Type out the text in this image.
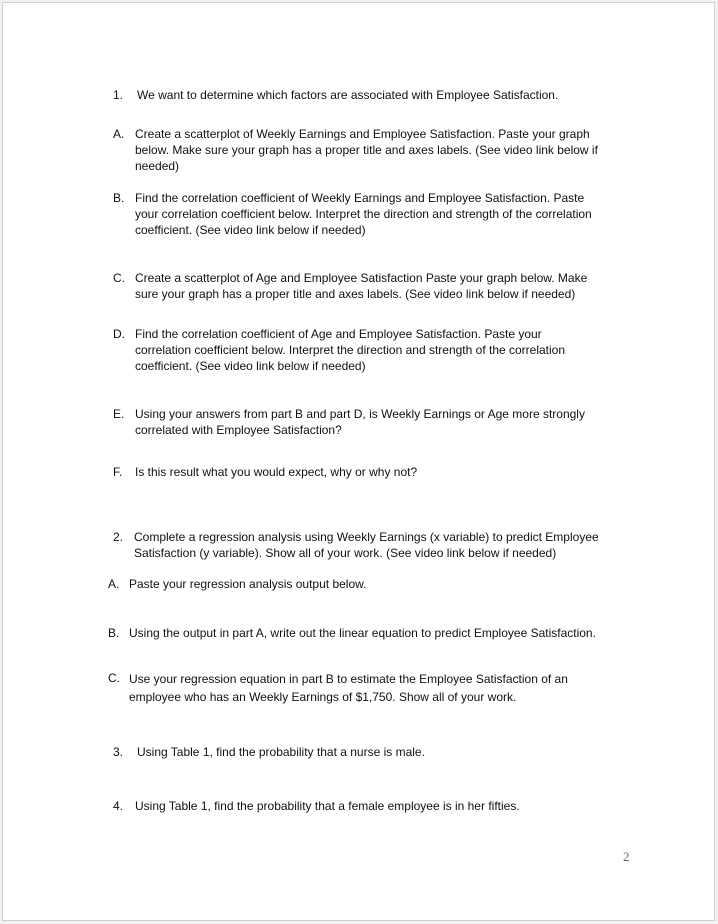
1.	We want to determine which factors are associated with Employee Satisfaction.
A. Create a scatterplot of Weekly Earnings and Employee Satisfaction. Paste your graph
below. Make sure your graph has a proper title and axes labels. (See video link below if
needed)
B. Find the correlation coefficient of Weekly Earnings and Employee Satisfaction. Paste
your correlation coefficient below. Interpret the direction and strength of the correlation
coefficient. (See video link below if needed)
C. Create a scatterplot of Age and Employee Satisfaction Paste your graph below. Make
sure your graph has a proper title and axes labels. (See video link below if needed)
D. Find the correlation coefficient of Age and Employee Satisfaction. Paste your
correlation coefficient below. Interpret the direction and strength of the correlation
coefficient. (See video link below if needed)
E. Using your answers from part B and part D, is Weekly Earnings or Age more strongly
correlated with Employee Satisfaction?
F. Is this result what you would expect, why or why not?
2. Complete a regression analysis using Weekly Earnings (x variable) to predict Employee
Satisfaction (y variable). Show all of your work. (See video link below if needed)
A. Paste your regression analysis output below.
B. Using the output in part A, write out the linear equation to predict Employee Satisfaction.
C. Use your regression equation in part B to estimate the Employee Satisfaction of an
employee who has an Weekly Earnings of $1,750. Show all of your work.
3.	Using Table 1, find the probability that a nurse is male.
4. Using Table 1, find the probability that a female employee is in her fifties.
2
